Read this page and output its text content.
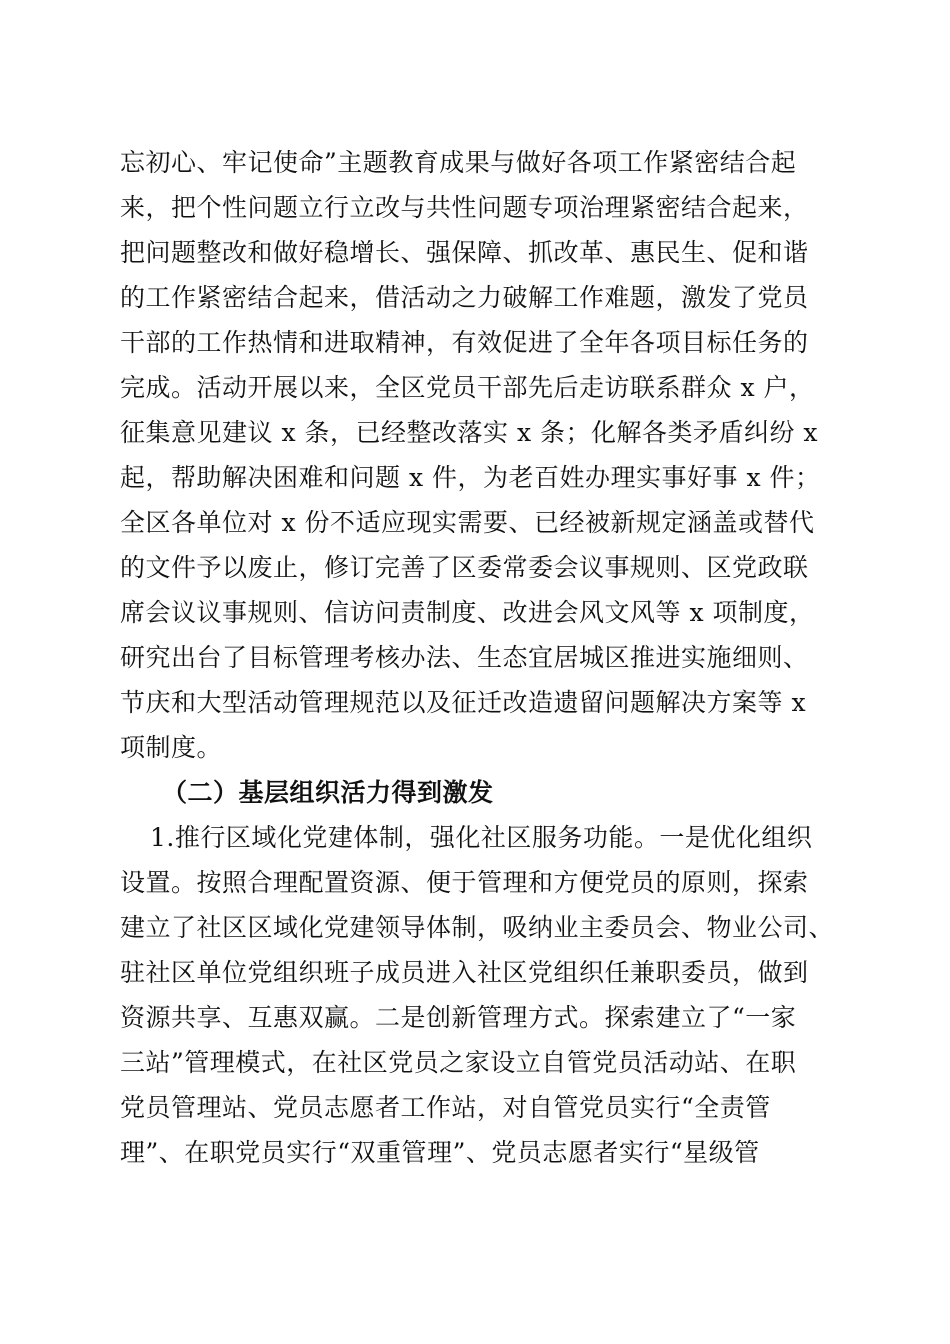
忘初心、牢记使命”主题教育成果与做好各项工作紧密结合起
来，把个性问题立行立改与共性问题专项治理紧密结合起来，
把问题整改和做好稳增长、强保障、抓改革、惠民生、促和谐
的工作紧密结合起来，借活动之力破解工作难题，激发了党员
干部的工作热情和进取精神，有效促进了全年各项目标任务的
完成。活动开展以来，全区党员干部先后走访联系群众 x 户，
征集意见建议 x 条，已经整改落实 x 条；化解各类矛盾纠纷 x
起，帮助解决困难和问题 x 件，为老百姓办理实事好事 x 件；
全区各单位对 x 份不适应现实需要、已经被新规定涵盖或替代
的文件予以废止，修订完善了区委常委会议事规则、区党政联
席会议议事规则、信访问责制度、改进会风文风等 x 项制度，
研究出台了目标管理考核办法、生态宜居城区推进实施细则、
节庆和大型活动管理规范以及征迁改造遗留问题解决方案等 x
项制度。
（二）基层组织活力得到激发
1.推行区域化党建体制，强化社区服务功能。一是优化组织
设置。按照合理配置资源、便于管理和方便党员的原则，探索
建立了社区区域化党建领导体制，吸纳业主委员会、物业公司、
驻社区单位党组织班子成员进入社区党组织任兼职委员，做到
资源共享、互惠双赢。二是创新管理方式。探索建立了“一家
三站”管理模式，在社区党员之家设立自管党员活动站、在职
党员管理站、党员志愿者工作站，对自管党员实行“全责管
理”、在职党员实行“双重管理”、党员志愿者实行“星级管
